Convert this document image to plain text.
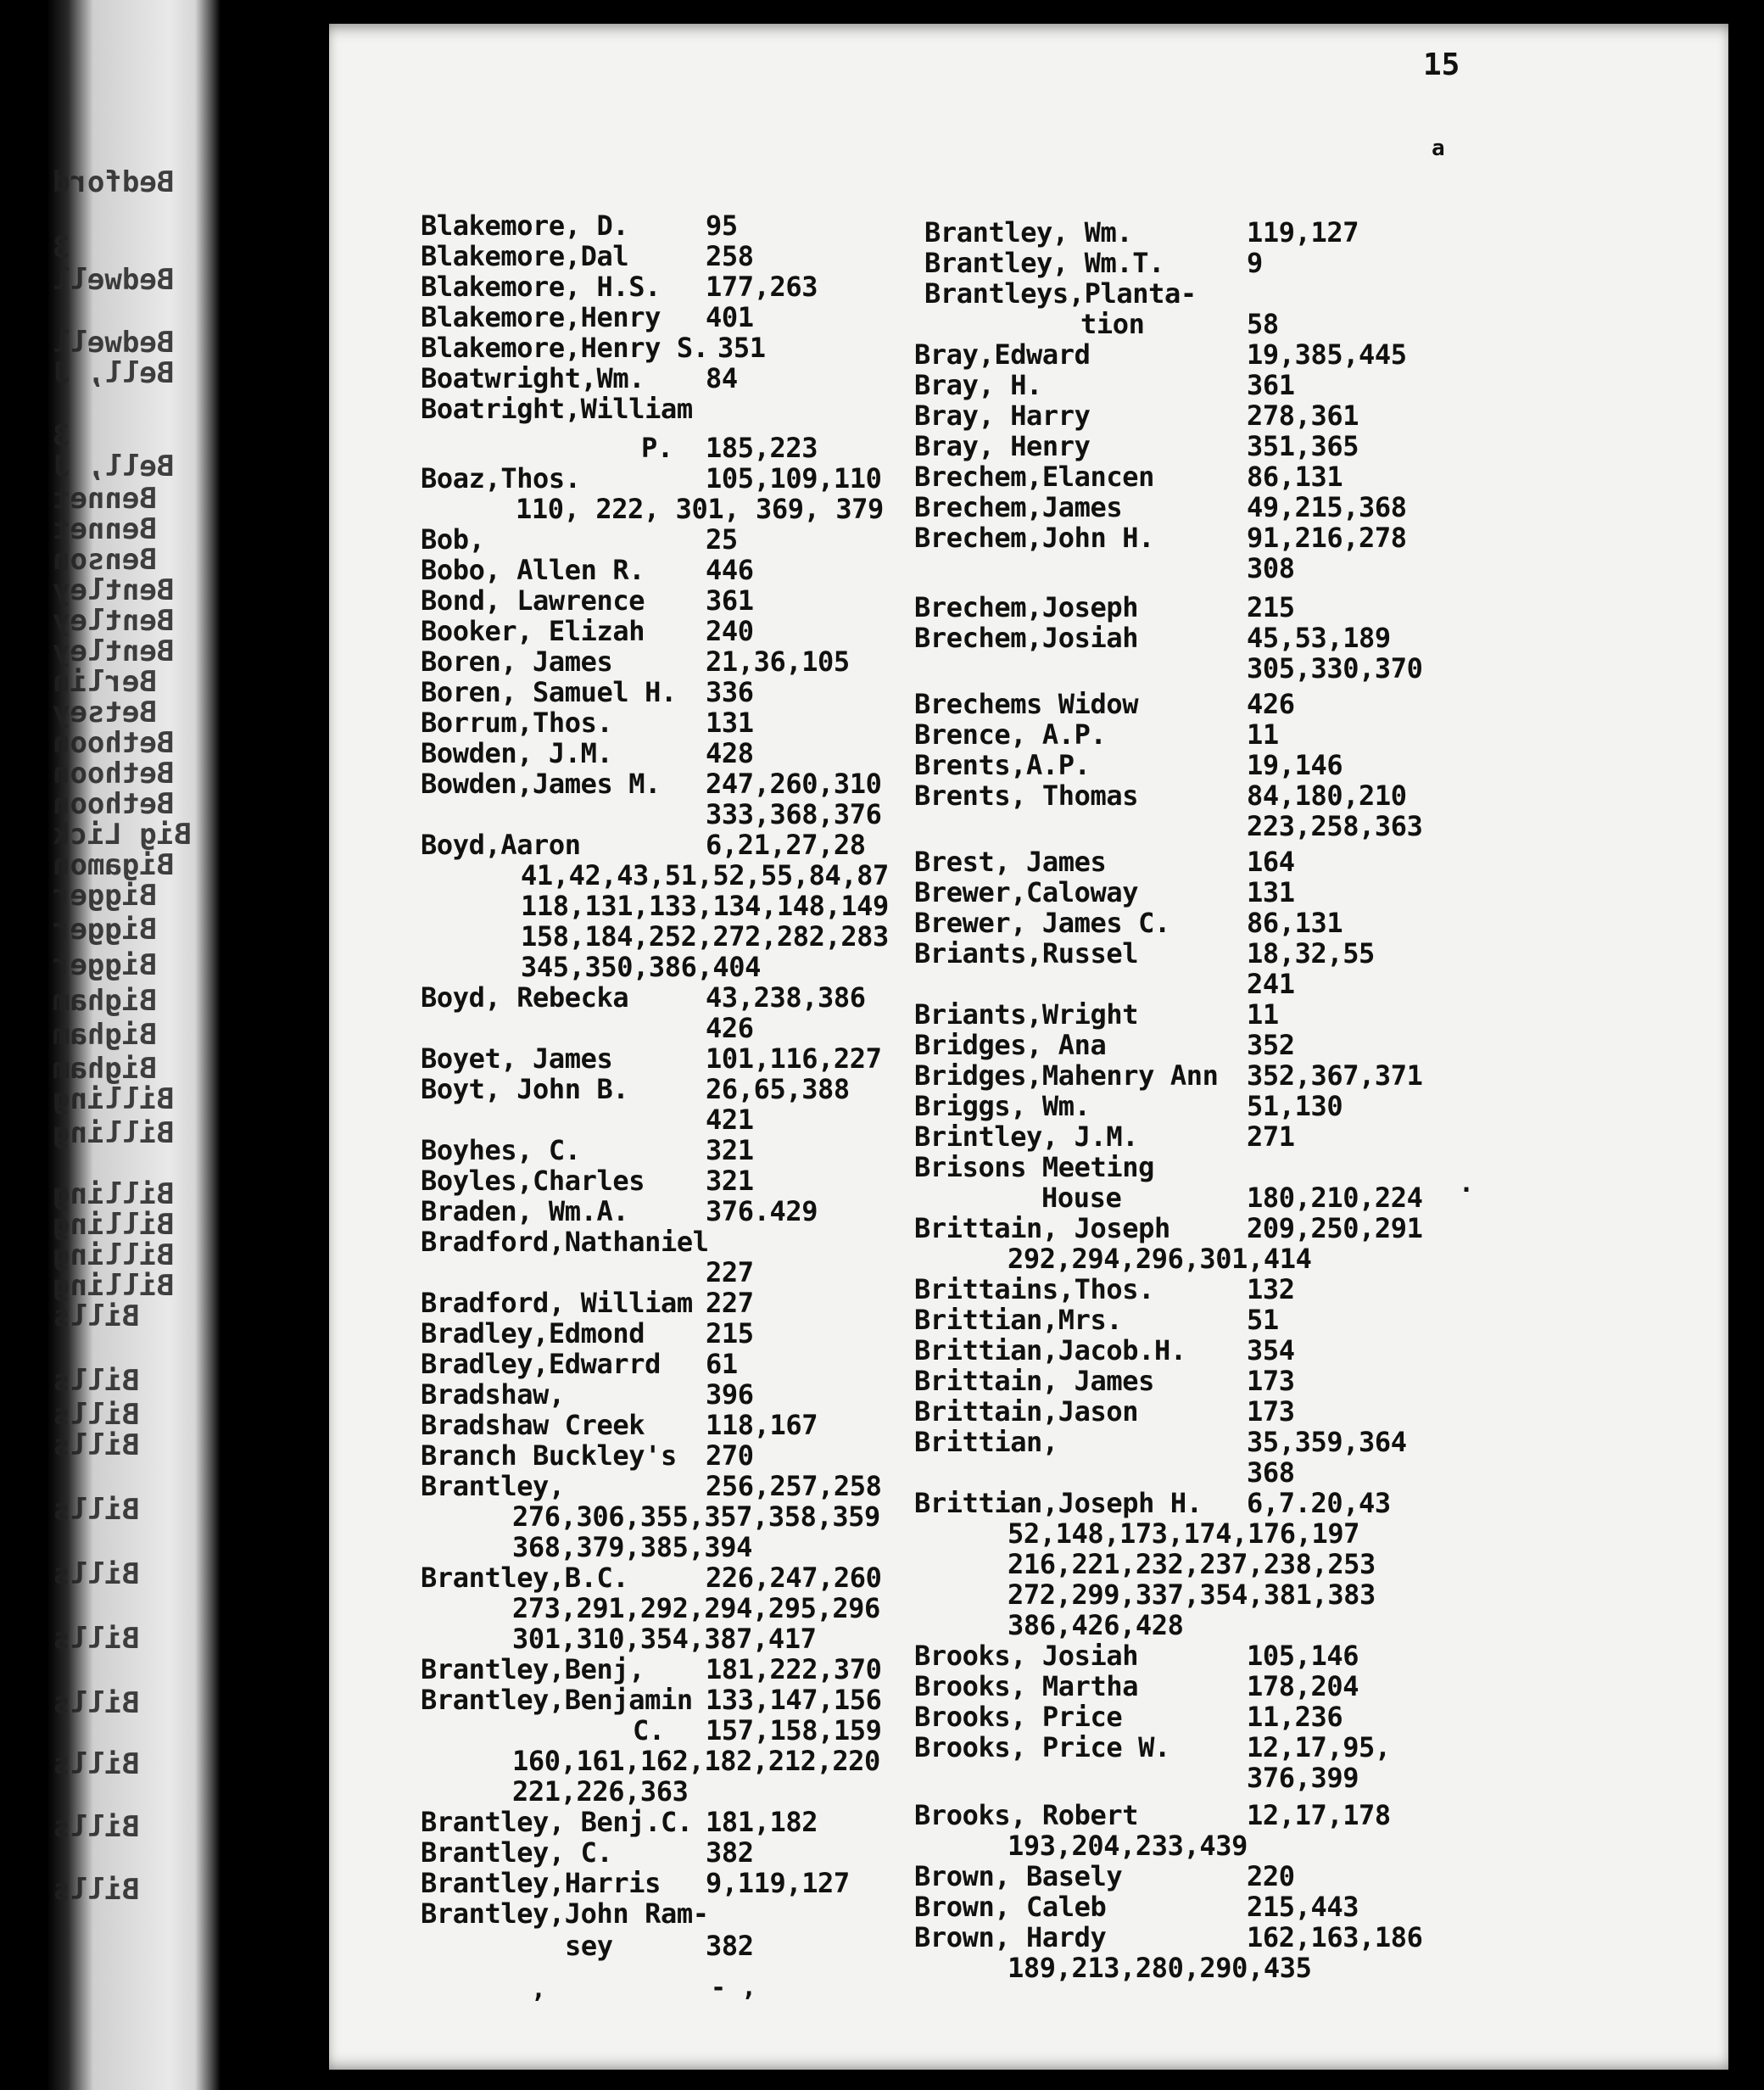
Bedford
3
Bedwell
Bedwell
Bell, J
3
Bell, J
Bennet
Bennet
Benson
Bentley
Bentley
Bentley
Berlin
Betsey
Bethoon
Bethoon
Bethoon
Big Lick
Bigamon
Bigger
Bigger
Bigger
Bigham
Bigham
Bigham
Billing
Billing
Billing
Billing
Billing
Billing
Bills
Bills
Bills
Bills
Bills
Bills
Bills
Bills
Bills
Bills
Bills
15
a
Blakemore, D.	95
Blakemore,Dal	258
Blakemore, H.S. 177,263
Blakemore,Henry 401
Blakemore,Henry S. 351
Boatwright,Wm. 84
Boatright,William
P. 185,223
Boaz,Thos.	105,109,110
110, 222, 301, 369, 379
Bob,	25
Bobo, Allen R. 446
Bond, Lawrence 361
Booker, Elizah 240
Boren, James	21,36,105
Boren, Samuel H. 336
Borrum,Thos.	131
Bowden, J.M.	428
Bowden,James M. 247,260,310
333,368,376
Boyd,Aaron	6,21,27,28
41,42,43,51,52,55,84,87
118,131,133,134,148,149
158,184,252,272,282,283
345,350,386,404
Boyd, Rebecka	43,238,386
426
Boyet, James	101,116,227
Boyt, John B.	26,65,388
421
Boyhes, C.	321
Boyles,Charles 321
Braden, Wm.A.	376.429
Bradford,Nathaniel
227
Bradford, William 227
Bradley,Edmond 215
Bradley,Edwarrd 61
Bradshaw,	396
Bradshaw Creek 118,167
Branch Buckley's 270
Brantley,	256,257,258
276,306,355,357,358,359
368,379,385,394
Brantley,B.C.	226,247,260
273,291,292,294,295,296
301,310,354,387,417
Brantley,Benj, 181,222,370
Brantley,Benjamin 133,147,156
C. 157,158,159
160,161,162,182,212,220
221,226,363
Brantley, Benj.C. 181,182
Brantley, C.	382
Brantley,Harris 9,119,127
Brantley,John Ram-
sey	382
Brantley, Wm.	119,127
Brantley, Wm.T.	9
Brantleys,Planta-
tion	58
Bray,Edward	19,385,445
Bray, H.	361
Bray, Harry	278,361
Bray, Henry	351,365
Brechem,Elancen	86,131
Brechem,James	49,215,368
Brechem,John H.	91,216,278
308
Brechem,Joseph	215
Brechem,Josiah	45,53,189
305,330,370
Brechems Widow	426
Brence, A.P.	11
Brents,A.P.	19,146
Brents, Thomas	84,180,210
223,258,363
Brest, James	164
Brewer,Caloway	131
Brewer, James C.	86,131
Briants,Russel	18,32,55
241
Briants,Wright	11
Bridges, Ana	352
Bridges,Mahenry Ann 352,367,371
Briggs, Wm.	51,130
Brintley, J.M.	271
Brisons Meeting
House	180,210,224
Brittain, Joseph	209,250,291
292,294,296,301,414
Brittains,Thos.	132
Brittian,Mrs.	51
Brittian,Jacob.H. 354
Brittain, James	173
Brittain,Jason	173
Brittian,	35,359,364
368
Brittian,Joseph H. 6,7.20,43
52,148,173,174,176,197
216,221,232,237,238,253
272,299,337,354,381,383
386,426,428
Brooks, Josiah	105,146
Brooks, Martha	178,204
Brooks, Price	11,236
Brooks, Price W.	12,17,95,
376,399
Brooks, Robert	12,17,178
193,204,233,439
Brown, Basely	220
Brown, Caleb	215,443
Brown, Hardy	162,163,186
189,213,280,290,435
,	- ,
.
